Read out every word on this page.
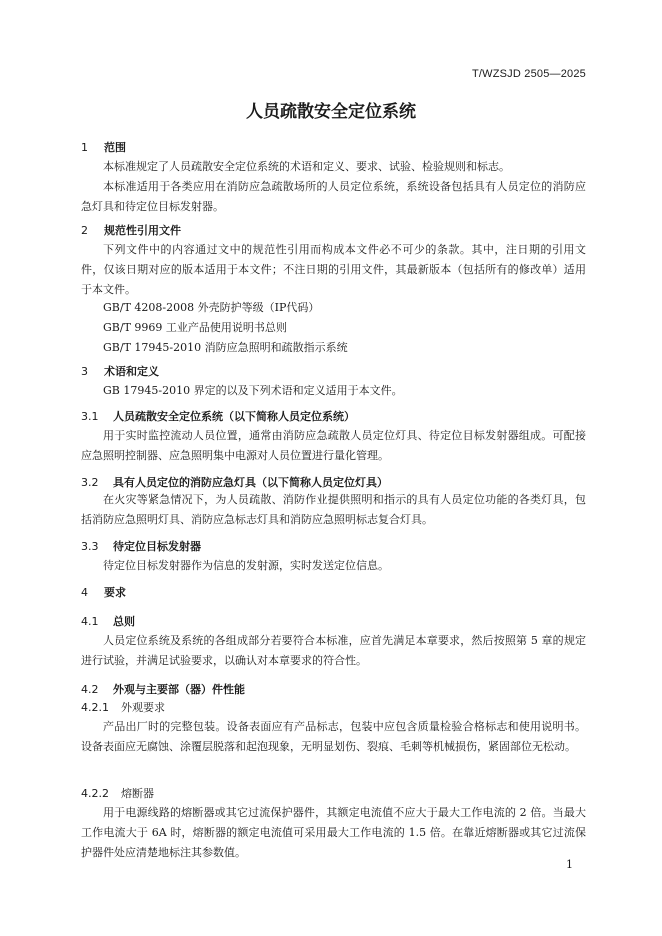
T/WZSJD 2505—2025
人员疏散安全定位系统
1 范围

本标准规定了人员疏散安全定位系统的术语和定义、要求、试验、检验规则和标志。

本标准适用于各类应用在消防应急疏散场所的人员定位系统，系统设备包括具有人员定位的消防应急灯具和待定位目标发射器。

2 规范性引用文件

下列文件中的内容通过文中的规范性引用而构成本文件必不可少的条款。其中，注日期的引用文件，仅该日期对应的版本适用于本文件；不注日期的引用文件，其最新版本（包括所有的修改单）适用于本文件。

GB/T 4208-2008 外壳防护等级（IP代码）
GB/T 9969 工业产品使用说明书总则
GB/T 17945-2010 消防应急照明和疏散指示系统
3 术语和定义

GB 17945-2010 界定的以及下列术语和定义适用于本文件。

3.1 人员疏散安全定位系统（以下简称人员定位系统）

用于实时监控流动人员位置，通常由消防应急疏散人员定位灯具、待定位目标发射器组成。可配接应急照明控制器、应急照明集中电源对人员位置进行量化管理。

3.2 具有人员定位的消防应急灯具（以下简称人员定位灯具）

在火灾等紧急情况下，为人员疏散、消防作业提供照明和指示的具有人员定位功能的各类灯具，包括消防应急照明灯具、消防应急标志灯具和消防应急照明标志复合灯具。

3.3 待定位目标发射器

待定位目标发射器作为信息的发射源，实时发送定位信息。

4 要求
4.1 总则

人员定位系统及系统的各组成部分若要符合本标准，应首先满足本章要求，然后按照第 5 章的规定进行试验，并满足试验要求，以确认对本章要求的符合性。

4.2 外观与主要部（器）件性能
4.2.1 外观要求

产品出厂时的完整包装。设备表面应有产品标志，包装中应包含质量检验合格标志和使用说明书。设备表面应无腐蚀、涂覆层脱落和起泡现象，无明显划伤、裂痕、毛刺等机械损伤，紧固部位无松动。

4.2.2 熔断器

用于电源线路的熔断器或其它过流保护器件，其额定电流值不应大于最大工作电流的 2 倍。当最大工作电流大于 6A 时，熔断器的额定电流值可采用最大工作电流的 1.5 倍。在靠近熔断器或其它过流保护器件处应清楚地标注其参数值。

1
